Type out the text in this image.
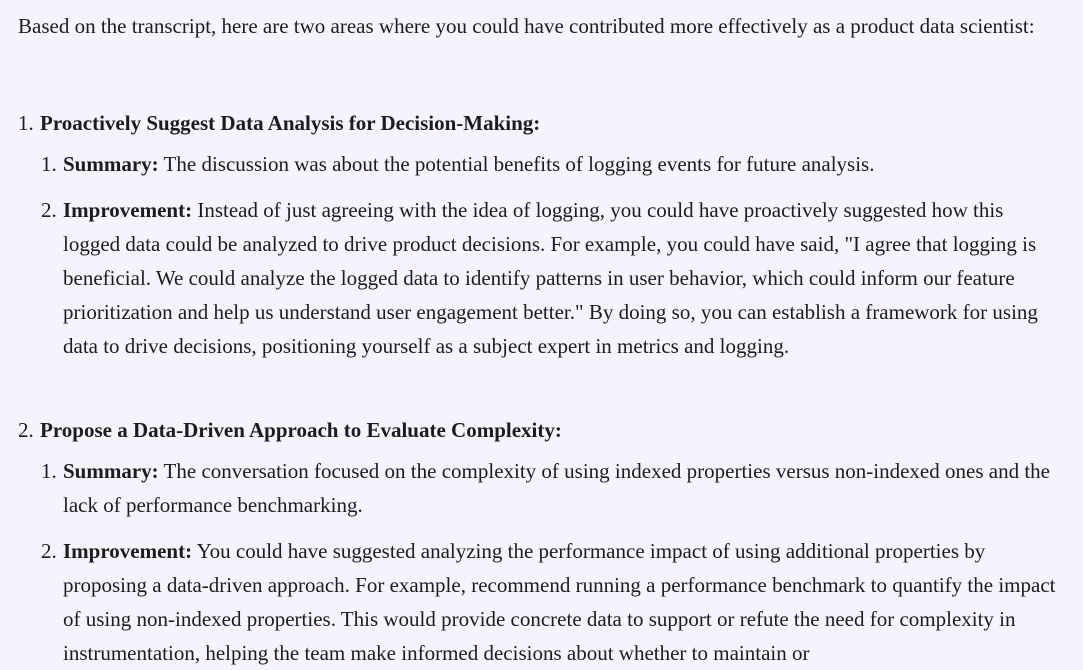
Based on the transcript, here are two areas where you could have contributed more effectively as a product data scientist:

1. Proactively Suggest Data Analysis for Decision-Making:
1. Summary: The discussion was about the potential benefits of logging events for future analysis.

2. Improvement: Instead of just agreeing with the idea of logging, you could have proactively suggested how this logged data could be analyzed to drive product decisions. For example, you could have said, "I agree that logging is beneficial. We could analyze the logged data to identify patterns in user behavior, which could inform our feature prioritization and help us understand user engagement better." By doing so, you can establish a framework for using data to drive decisions, positioning yourself as a subject expert in metrics and logging.

2. Propose a Data-Driven Approach to Evaluate Complexity:
1. Summary: The conversation focused on the complexity of using indexed properties versus non-indexed ones and the lack of performance benchmarking.

2. Improvement: You could have suggested analyzing the performance impact of using additional properties by proposing a data-driven approach. For example, recommend running a performance benchmark to quantify the impact of using non-indexed properties. This would provide concrete data to support or refute the need for complexity in instrumentation, helping the team make informed decisions about whether to maintain or
